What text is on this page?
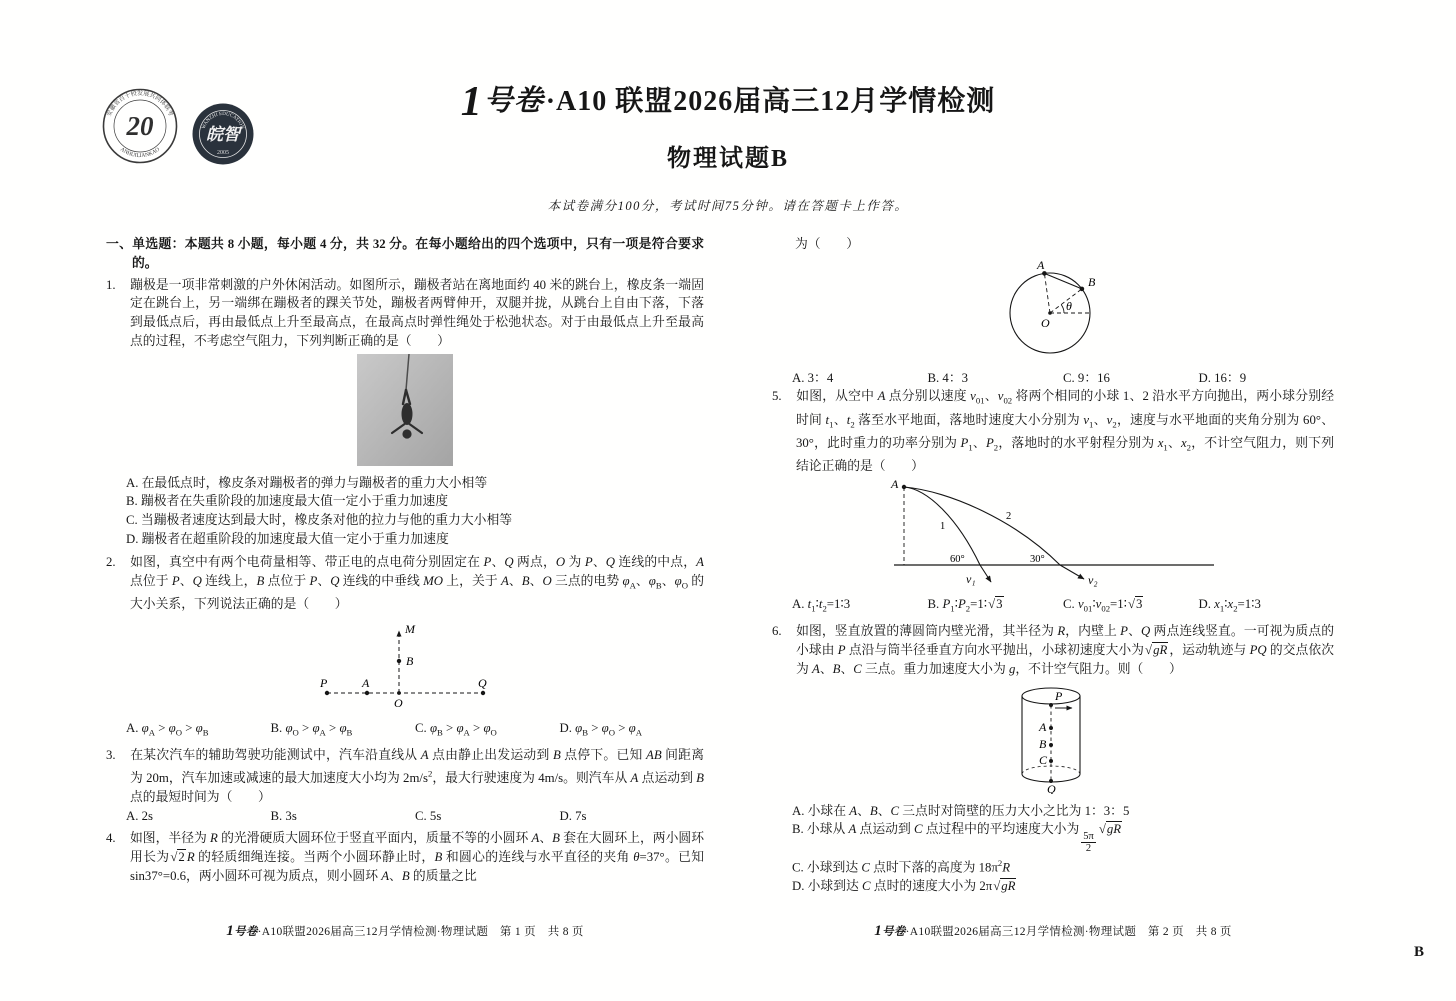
安徽省百十校发展共同体联考
ANHUILIANKAO
20	WANZHI EDUCATION
皖智
2005
1号卷·A10 联盟2026届高三12月学情检测
物理试题B
本试卷满分100分，考试时间75分钟。请在答题卡上作答。

一、单选题：本题共 8 小题，每小题 4 分，共 32 分。在每小题给出的四个选项中，只有一项是符合要求的。

1. 蹦极是一项非常刺激的户外休闲活动。如图所示，蹦极者站在离地面约 40 米的跳台上，橡皮条一端固定在跳台上，另一端绑在蹦极者的踝关节处，蹦极者两臂伸开，双腿并拢，从跳台上自由下落，下落到最低点后，再由最低点上升至最高点，在最高点时弹性绳处于松弛状态。对于由最低点上升至最高点的过程，不考虑空气阻力，下列判断正确的是（　　）

A. 在最低点时，橡皮条对蹦极者的弹力与蹦极者的重力大小相等

B. 蹦极者在失重阶段的加速度最大值一定小于重力加速度

C. 当蹦极者速度达到最大时，橡皮条对他的拉力与他的重力大小相等

D. 蹦极者在超重阶段的加速度最大值一定小于重力加速度

2. 如图，真空中有两个电荷量相等、带正电的点电荷分别固定在 P、Q 两点，O 为 P、Q 连线的中点，A 点位于 P、Q 连线上，B 点位于 P、Q 连线的中垂线 MO 上，关于 A、B、O 三点的电势 $\varphi_A$、$\varphi_B$、$\varphi_O$ 的大小关系，下列说法正确的是（　　）

M
B
P	A
O
Q
A. $\varphi_A > \varphi_O > \varphi_B$	B. $\varphi_O > \varphi_A > \varphi_B$	C. $\varphi_B > \varphi_A > \varphi_O$	D. $\varphi_B > \varphi_O > \varphi_A$

3. 在某次汽车的辅助驾驶功能测试中，汽车沿直线从 A 点由静止出发运动到 B 点停下。已知 AB 间距离为 20m，汽车加速或减速的最大加速度大小均为 $2m/s^2$，最大行驶速度为 4m/s。则汽车从 A 点运动到 B 点的最短时间为（　　）

A. 2s	B. 3s	C. 5s	D. 7s

4. 如图，半径为 R 的光滑硬质大圆环位于竖直平面内，质量不等的小圆环 A、B 套在大圆环上，两小圆环用长为√2 R 的轻质细绳连接。当两个小圆环静止时，B 和圆心的连线与水平直径的夹角 θ=37°。已知 sin37°=0.6，两小圆环可视为质点，则小圆环 A、B 的质量之比

为（　　）

A
B
O
θ
A. 3：4	B. 4：3	C. 9：16	D. 16：9

5. 如图，从空中 A 点分别以速度 $v_{01}$、$v_{02}$ 将两个相同的小球 1、2 沿水平方向抛出，两小球分别经时间 $t_1$、$t_2$ 落至水平地面，落地时速度大小分别为 $v_1$、$v_2$，速度与水平地面的夹角分别为 60°、30°，此时重力的功率分别为 $P_1$、$P_2$，落地时的水平射程分别为 $x_1$、$x_2$，不计空气阻力，则下列结论正确的是（　　）

A
1
2
60°	30°
v₁	v₂
A. $t_1∶t_2=1∶3$	B. $P_1∶P_2=1∶√3$	C. $v_{01}∶v_{02}=1∶√3$	D. $x_1∶x_2=1∶3$

6. 如图，竖直放置的薄圆筒内壁光滑，其半径为 R，内壁上 P、Q 两点连线竖直。一可视为质点的小球由 P 点沿与筒半径垂直方向水平抛出，小球初速度大小为√gR ，运动轨迹与 PQ 的交点依次为 A、B、C 三点。重力加速度大小为 g，不计空气阻力。则（　　）

P
A
B
C
Q

A. 小球在 A、B、C 三点时对筒壁的压力大小之比为 1：3：5

B. 小球从 A 点运动到 C 点过程中的平均速度大小为
$\frac{5\pi}{2}$
√gR

C. 小球到达 C 点时下落的高度为 $18\pi^2R$

D. 小球到达 C 点时的速度大小为 2π√gR

1号卷·A10联盟2026届高三12月学情检测·物理试题　第 1 页　共 8 页	1号卷·A10联盟2026届高三12月学情检测·物理试题　第 2 页　共 8 页
B
